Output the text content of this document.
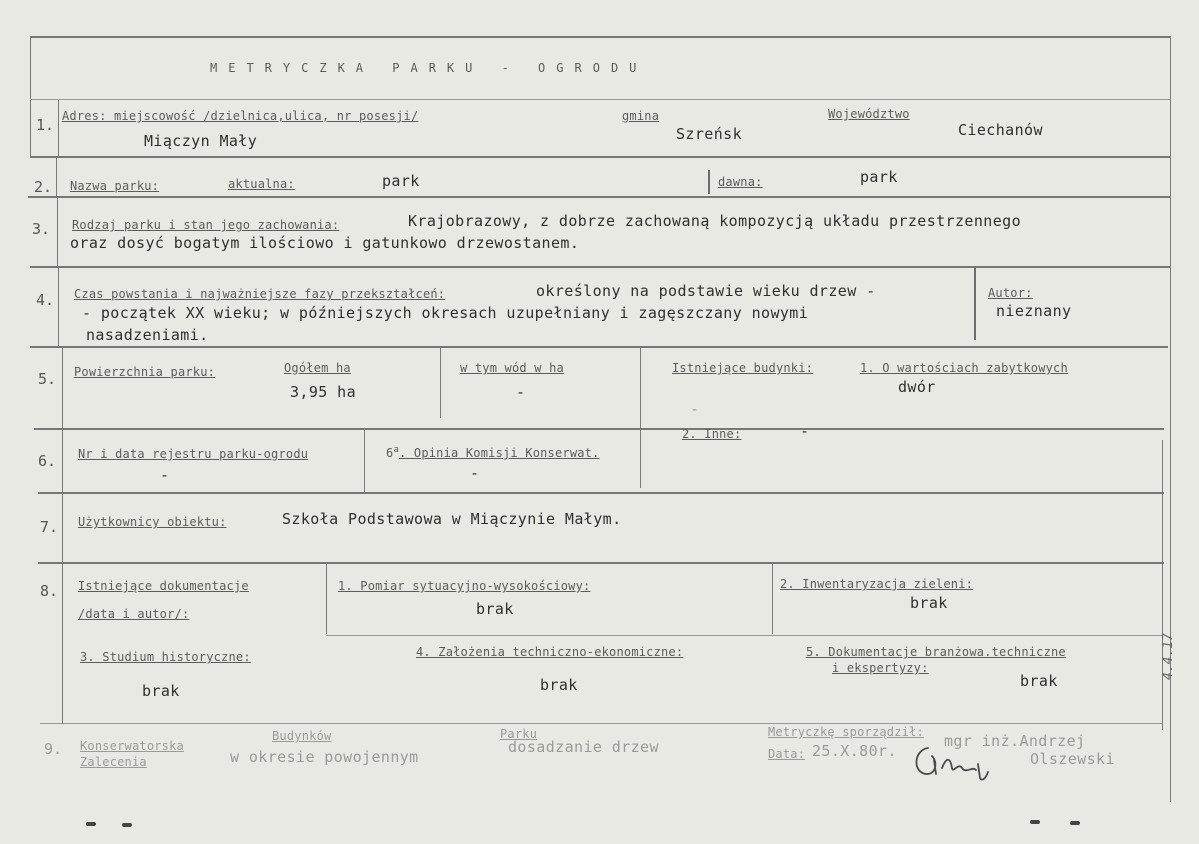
METRYCZKA PARKU - OGRODU
1. Adres: miejscowość /dzielnica,ulica, nr posesji/
Miączyn Mały
gmina
Szreńsk
Województwo
Ciechanów
2. Nazwa parku:	aktualna:	park	dawna:	park
3. Rodzaj parku i stan jego zachowania:	Krajobrazowy, z dobrze zachowaną kompozycją układu przestrzennego
oraz dosyć bogatym ilościowo i gatunkowo drzewostanem.
4. Czas powstania i najważniejsze fazy przekształceń:	określony na podstawie wieku drzew -
- początek XX wieku; w późniejszych okresach uzupełniany i zagęszczany nowymi
nasadzeniami.
Autor:
nieznany
5. Powierzchnia parku:	Ogółem ha
3,95 ha
w tym wód w ha
-
Istniejące budynki:	1. O wartościach zabytkowych
dwór
-
2. Inne:	-
6. Nr i data rejestru parku-ogrodu
-
6$^a$. Opinia Komisji Konserwat.
-
7. Użytkownicy obiektu:	Szkoła Podstawowa w Miączynie Małym.
8. Istniejące dokumentacje
/data i autor/:
1. Pomiar sytuacyjno-wysokościowy:
brak
2. Inwentaryzacja zieleni:
brak
3. Studium historyczne:
brak
4. Założenia techniczno-ekonomiczne:
brak
5. Dokumentacje branżowa.techniczne
i ekspertyzy:
brak
9. Konserwatorska
Zalecenia
Budynków
w okresie powojennym
Parku
dosadzanie drzew
Metryczkę sporządził:
Data: 25.X.80r.
mgr inż.Andrzej
Olszewski
4.4.17
